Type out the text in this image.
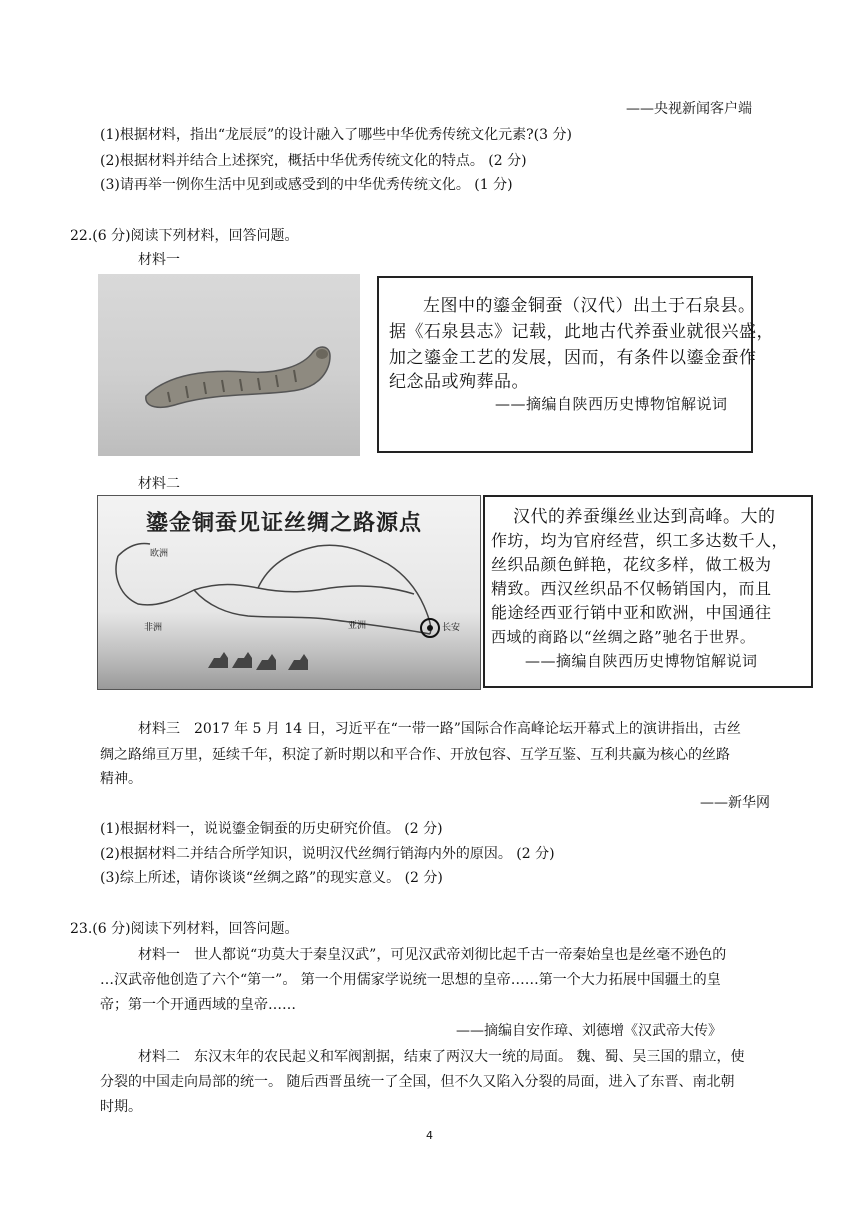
——央视新闻客户端
(1)根据材料，指出“龙辰辰”的设计融入了哪些中华优秀传统文化元素?(3 分)
(2)根据材料并结合上述探究，概括中华优秀传统文化的特点。 (2 分)
(3)请再举一例你生活中见到或感受到的中华优秀传统文化。 (1 分)
22.(6 分)阅读下列材料，回答问题。
材料一
左图中的鎏金铜蚕（汉代）出土于石泉县。
据《石泉县志》记载，此地古代养蚕业就很兴盛，
加之鎏金工艺的发展，因而，有条件以鎏金蚕作
纪念品或殉葬品。
——摘编自陕西历史博物馆解说词
材料二
鎏金铜蚕见证丝绸之路源点
欧洲
非洲	亚洲	长安
汉代的养蚕缫丝业达到高峰。大的
作坊，均为官府经营，织工多达数千人，
丝织品颜色鲜艳，花纹多样，做工极为
精致。西汉丝织品不仅畅销国内，而且
能途经西亚行销中亚和欧洲，中国通往
西域的商路以“丝绸之路”驰名于世界。
——摘编自陕西历史博物馆解说词
材料三　2017 年 5 月 14 日，习近平在“一带一路”国际合作高峰论坛开幕式上的演讲指出，古丝
绸之路绵亘万里，延续千年，积淀了新时期以和平合作、开放包容、互学互鉴、互利共赢为核心的丝路
精神。
——新华网
(1)根据材料一，说说鎏金铜蚕的历史研究价值。 (2 分)
(2)根据材料二并结合所学知识，说明汉代丝绸行销海内外的原因。 (2 分)
(3)综上所述，请你谈谈“丝绸之路”的现实意义。 (2 分)
23.(6 分)阅读下列材料，回答问题。
材料一　世人都说“功莫大于秦皇汉武”，可见汉武帝刘彻比起千古一帝秦始皇也是丝毫不逊色的
…汉武帝他创造了六个“第一”。 第一个用儒家学说统一思想的皇帝……第一个大力拓展中国疆土的皇
帝；第一个开通西域的皇帝……
——摘编自安作璋、刘德增《汉武帝大传》
材料二　东汉末年的农民起义和军阀割据，结束了两汉大一统的局面。 魏、蜀、吴三国的鼎立，使
分裂的中国走向局部的统一。 随后西晋虽统一了全国，但不久又陷入分裂的局面，进入了东晋、南北朝
时期。
4
